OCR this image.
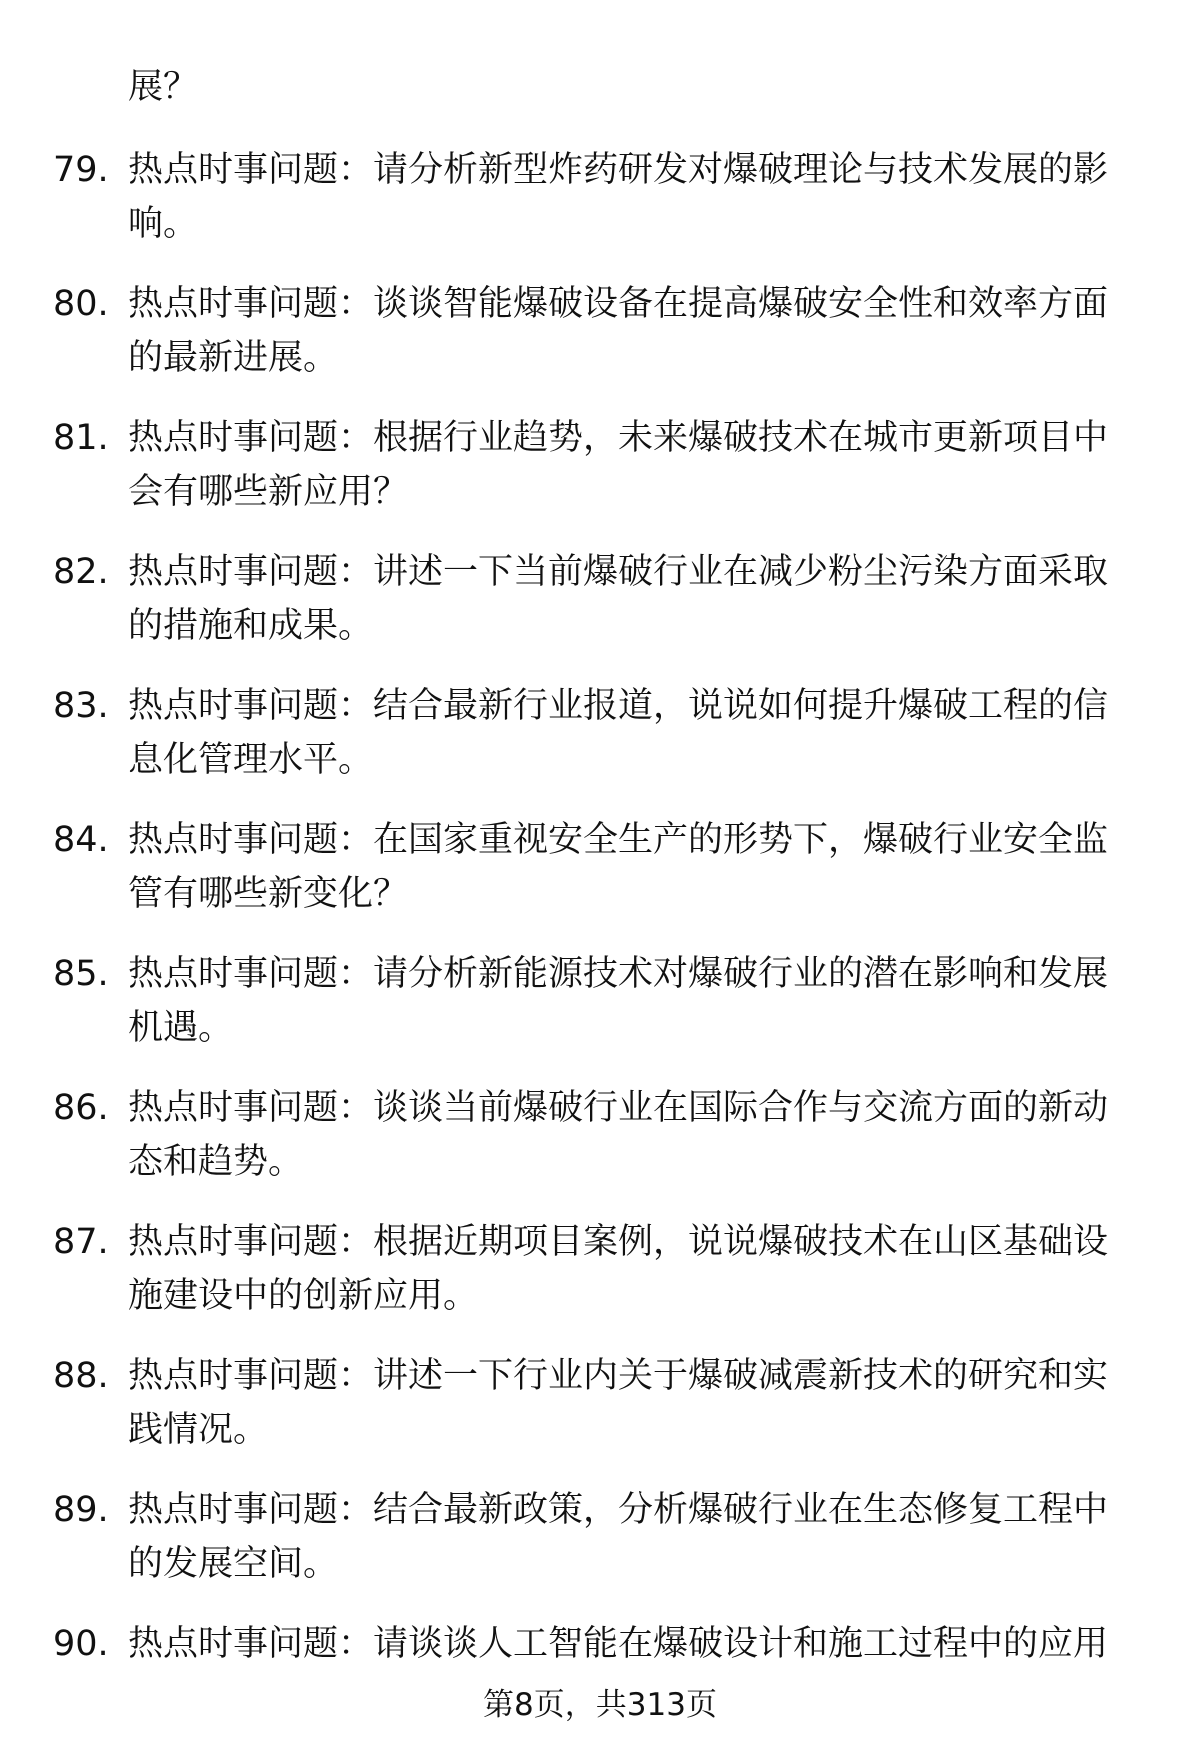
展？
79. 热点时事问题：请分析新型炸药研发对爆破理论与技术发展的影响。
80. 热点时事问题：谈谈智能爆破设备在提高爆破安全性和效率方面的最新进展。
81. 热点时事问题：根据行业趋势，未来爆破技术在城市更新项目中会有哪些新应用？
82. 热点时事问题：讲述一下当前爆破行业在减少粉尘污染方面采取的措施和成果。
83. 热点时事问题：结合最新行业报道，说说如何提升爆破工程的信息化管理水平。
84. 热点时事问题：在国家重视安全生产的形势下，爆破行业安全监管有哪些新变化？
85. 热点时事问题：请分析新能源技术对爆破行业的潜在影响和发展机遇。
86. 热点时事问题：谈谈当前爆破行业在国际合作与交流方面的新动态和趋势。
87. 热点时事问题：根据近期项目案例，说说爆破技术在山区基础设施建设中的创新应用。
88. 热点时事问题：讲述一下行业内关于爆破减震新技术的研究和实践情况。
89. 热点时事问题：结合最新政策，分析爆破行业在生态修复工程中的发展空间。
90. 热点时事问题：请谈谈人工智能在爆破设计和施工过程中的应用
第8页，共313页
